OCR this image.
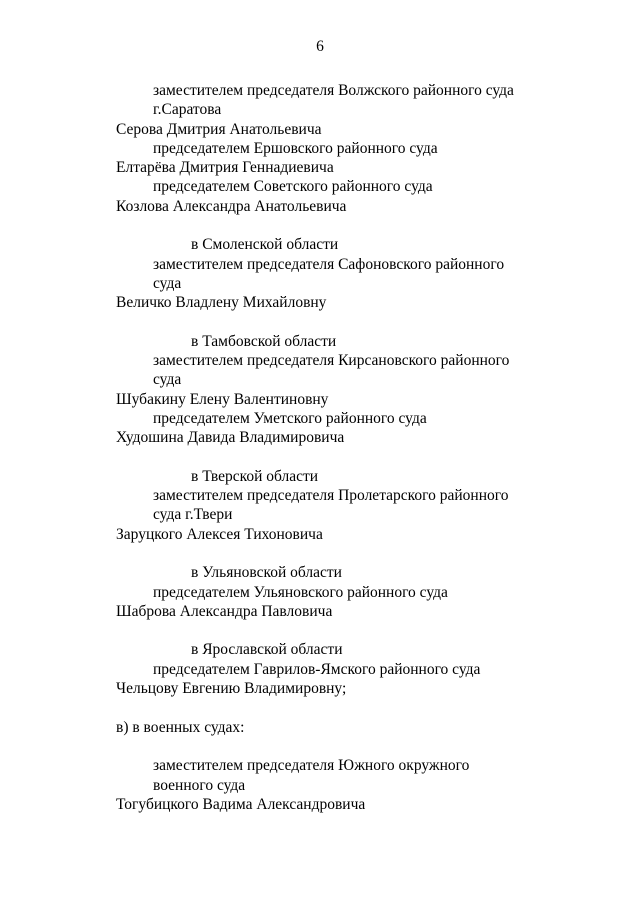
6
заместителем председателя Волжского районного суда
г.Саратова
Серова Дмитрия Анатольевича
председателем Ершовского районного суда
Елтарёва Дмитрия Геннадиевича
председателем Советского районного суда
Козлова Александра Анатольевича
в Смоленской области
заместителем председателя Сафоновского районного
суда
Величко Владлену Михайловну
в Тамбовской области
заместителем председателя Кирсановского районного
суда
Шубакину Елену Валентиновну
председателем Уметского районного суда
Худошина Давида Владимировича
в Тверской области
заместителем председателя Пролетарского районного
суда г.Твери
Заруцкого Алексея Тихоновича
в Ульяновской области
председателем Ульяновского районного суда
Шаброва Александра Павловича
в Ярославской области
председателем Гаврилов-Ямского районного суда
Чельцову Евгению Владимировну;
в) в военных судах:
заместителем председателя Южного окружного
военного суда
Тогубицкого Вадима Александровича
